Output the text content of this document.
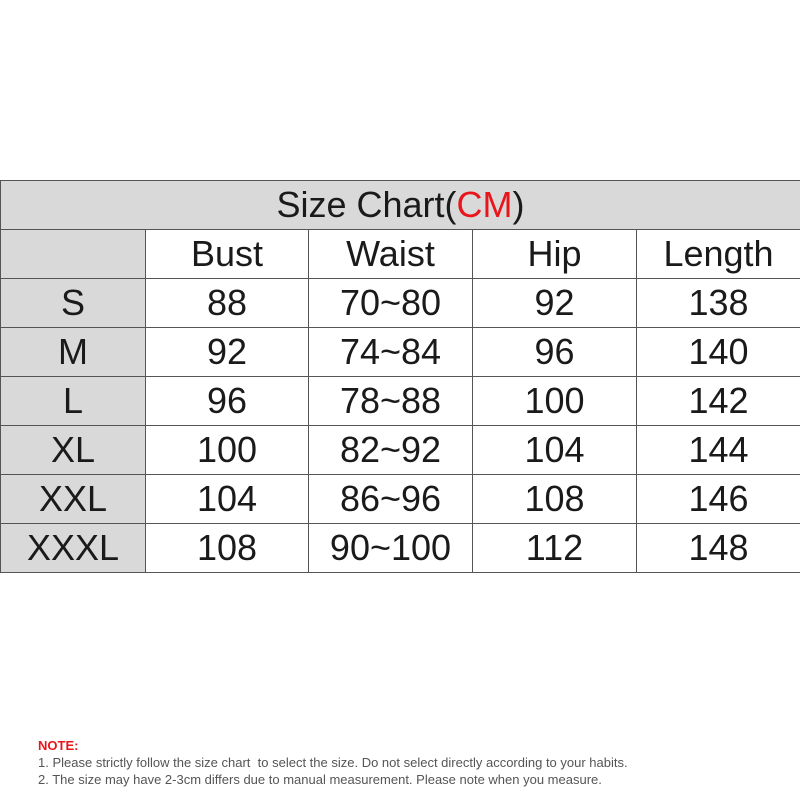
Size Chart(CM)				
	Bust	Waist	Hip	Length
S	88	70~80	92	138
M	92	74~84	96	140
L	96	78~88	100	142
XL	100	82~92	104	144
XXL	104	86~96	108	146
XXXL	108	90~100	112	148
NOTE:
1. Please strictly follow the size chart  to select the size. Do not select directly according to your habits.
2. The size may have 2-3cm differs due to manual measurement. Please note when you measure.
